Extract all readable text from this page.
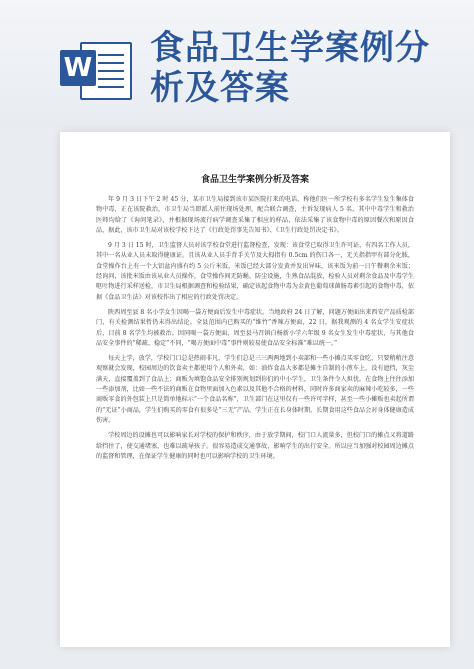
W 食品卫生学案例分析及答案
食品卫生学案例分析及答案

年 9 月 3 日下午 2 时 45 分，某市卫生局接到该市某医院打来的电话，称他们医一所学校有多名学生发生集体食物中毒，正在该院救治，市卫生局当即派人前往现场处理，配合联合调查，主诉发现病人 5 名，其中中毒学生和救治医师均给了《询问笔录》，并根据现场流行病学调查采集了相应的样品，依法采集了该食物中毒的原因餐次和原因食品，据此，该市卫生局对该校学校下达了《行政处罚事先告知书》、《卫生行政处罚决定书》。

9 月 3 日 15 时，卫生监督人员对该学校食堂进行监督检查，发现：该食堂已取得卫生许可证，有四名工作人员，其中一名从业人员未取得健康证。且该从业人员手背手关节及大拇指有 0.5cm 的伤口各一，无关指指甲有部分化脓，食堂操作台上有一个大铝盆内盛有约 5 公斤米饭，米饭已经大部分发黄并发出异味，该米饭为前一日午餐剩余米饭；经询问，该批米饭由该从业人员操作，食堂操作间无防蝇、防尘设施，生熟食品混放，检验人员对剩余食品及中毒学生呕吐物进行采样送检，市卫生局根据调查和检验结果，确定该起食物中毒为金黄色葡萄球菌肠毒素引起的食物中毒，依据《食品卫生法》对该校作出了相应的行政处罚决定。

陕西周至县 8 名小学女生因喝一袋方便面后发生中毒症状。当地政府 24 日了解，问题方便面出来西安产品质检部门，有关检测结果暂仍未得出结论。全县范围内已购买的“维竹”香辣方便面，22 日，据我观测的 4 名女学生安症状后，目前 8 名学生均被救治。因同喝一袋方便面，周至县马召镇白杨新小学六年级 9 名女生发生中毒症状，与其他食品安全事件的“稀疏、稳定”不同，“喝方便面中毒”事件则较易使食品安全标准“难以统一。”

每天上学，放学，学校门口总是热闹非凡，学生们总是三三两两地到小卖部和一些小摊点买零食吃，只要稍稍注意观察就会发现，校园周边的饮食卖主都使用个人和外卖，如：油炸食品大多都是摊主自制的小煎车上，没有遮挡，灰尘满天，直接覆盖到了食品上；商贩为填饱食品安全排别规划到你们的中小学生，卫生条件令人担忧。在食物上往往添加一些添加剂，比如一些不法的商贩在食物里面加入色素以及其他不合格的材料，同时许多商家卖的麻辣小吃较多，一些商贩零食的外包装上只是简单地标示“一个食品名称”，卫生部门在这里仅有一些许可字样，甚至一些小摊贩也卖起所谓的“无证”小商品，学生们购买的零食有很多是“三无”产品，学生正在长身体时期，长期食用这些食品会对身体健康造成伤害。

学校周边的设摊也可以影响家长对学校的保护和秩序，由于放学期间，校门口人流量多，但校门口的摊点又将道路给挡住了，使交通堵塞，也难以疏导孩子。很容易造成交通事故，影响学生的出行安全。所以应当加强对校园周边摊点的监督和管理，在保证学生健康的同时也可以影响学校的卫生环境。
